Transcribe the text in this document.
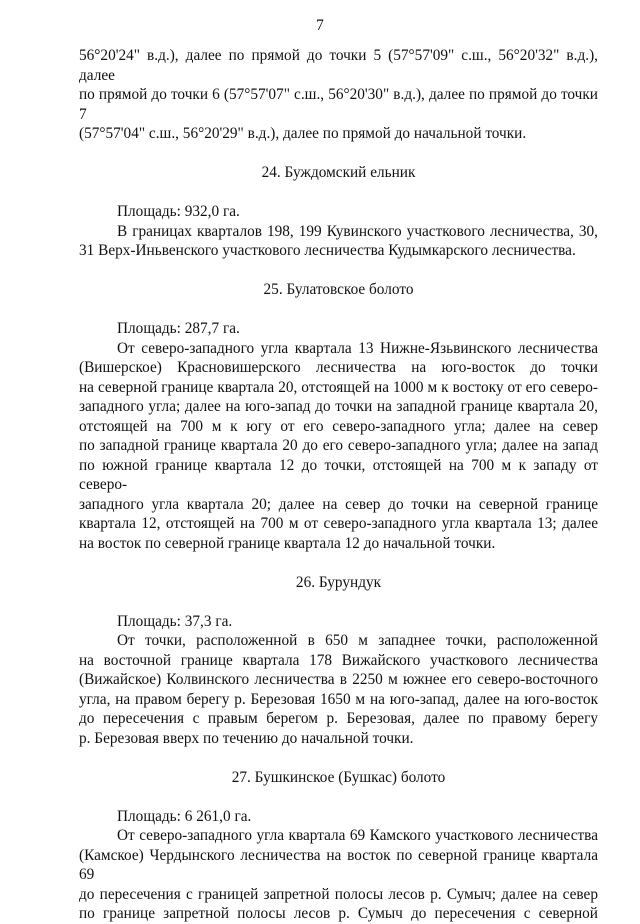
7

56°20'24" в.д.), далее по прямой до точки 5 (57°57'09" с.ш., 56°20'32" в.д.), далее

по прямой до точки 6 (57°57'07" с.ш., 56°20'30" в.д.), далее по прямой до точки 7

(57°57'04" с.ш., 56°20'29" в.д.), далее по прямой до начальной точки.

24. Буждомский ельник

Площадь: 932,0 га.

В границах кварталов 198, 199 Кувинского участкового лесничества, 30,

31 Верх-Иньвенского участкового лесничества Кудымкарского лесничества.

25. Булатовское болото

Площадь: 287,7 га.

От северо-западного угла квартала 13 Нижне-Язьвинского лесничества

(Вишерское) Красновишерского лесничества на юго-восток до точки

на северной границе квартала 20, отстоящей на 1000 м к востоку от его северо-

западного угла; далее на юго-запад до точки на западной границе квартала 20,

отстоящей на 700 м к югу от его северо-западного угла; далее на север

по западной границе квартала 20 до его северо-западного угла; далее на запад

по южной границе квартала 12 до точки, отстоящей на 700 м к западу от северо-

западного угла квартала 20; далее на север до точки на северной границе

квартала 12, отстоящей на 700 м от северо-западного угла квартала 13; далее

на восток по северной границе квартала 12 до начальной точки.

26. Бурундук

Площадь: 37,3 га.

От точки, расположенной в 650 м западнее точки, расположенной

на восточной границе квартала 178 Вижайского участкового лесничества

(Вижайское) Колвинского лесничества в 2250 м южнее его северо-восточного

угла, на правом берегу р. Березовая 1650 м на юго-запад, далее на юго-восток

до пересечения с правым берегом р. Березовая, далее по правому берегу

р. Березовая вверх по течению до начальной точки.

27. Бушкинское (Бушкас) болото

Площадь: 6 261,0 га.

От северо-западного угла квартала 69 Камского участкового лесничества

(Камское) Чердынского лесничества на восток по северной границе квартала 69

до пересечения с границей запретной полосы лесов р. Сумыч; далее на север

по границе запретной полосы лесов р. Сумыч до пересечения с северной
